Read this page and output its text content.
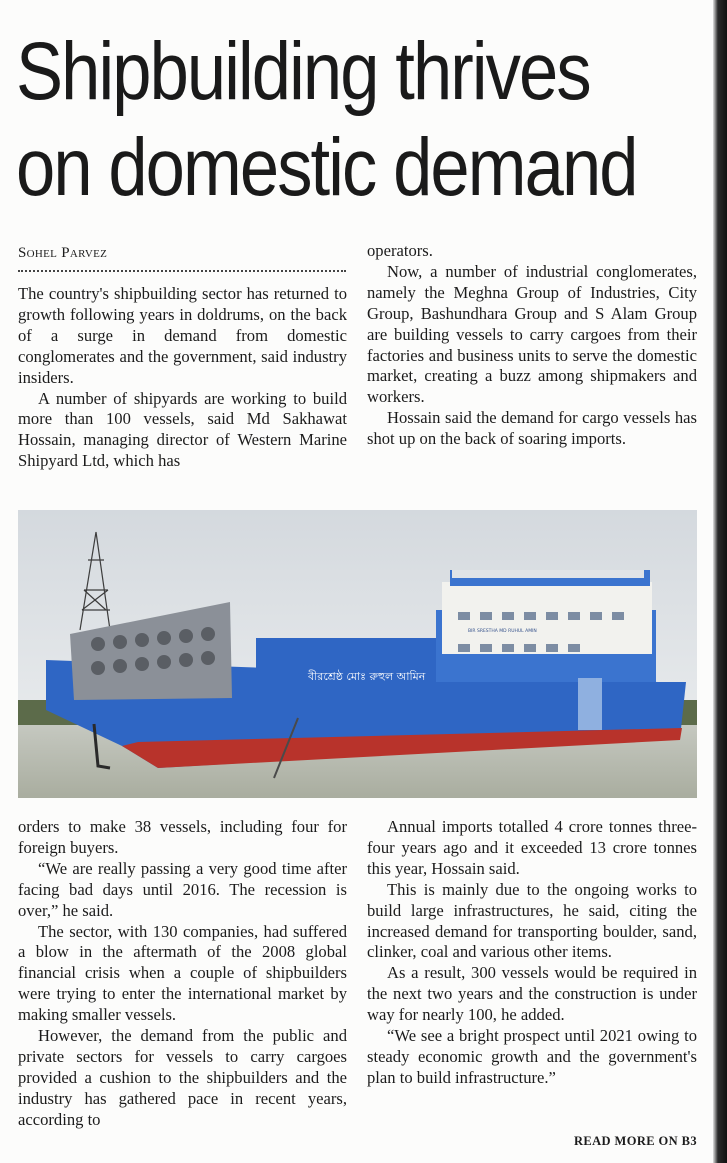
Shipbuilding thrives
on domestic demand
SOHEL PARVEZ

The country's shipbuilding sector has returned to growth following years in doldrums, on the back of a surge in demand from domestic conglomerates and the government, said industry insiders.

A number of shipyards are working to build more than 100 vessels, said Md Sakhawat Hossain, managing director of Western Marine Shipyard Ltd, which has

operators.

Now, a number of industrial conglomerates, namely the Meghna Group of Industries, City Group, Bashundhara Group and S Alam Group are building vessels to carry cargoes from their factories and business units to serve the domestic market, creating a buzz among shipmakers and workers.

Hossain said the demand for cargo vessels has shot up on the back of soaring imports.

বীরশ্রেষ্ঠ মোঃ রুহুল আমিন
BIR SRESTHA MD RUHUL AMIN

orders to make 38 vessels, including four for foreign buyers.

“We are really passing a very good time after facing bad days until 2016. The recession is over,” he said.

The sector, with 130 companies, had suffered a blow in the aftermath of the 2008 global financial crisis when a couple of shipbuilders were trying to enter the international market by making smaller vessels.

However, the demand from the public and private sectors for vessels to carry cargoes provided a cushion to the shipbuilders and the industry has gathered pace in recent years, according to

Annual imports totalled 4 crore tonnes three-four years ago and it exceeded 13 crore tonnes this year, Hossain said.

This is mainly due to the ongoing works to build large infrastructures, he said, citing the increased demand for transporting boulder, sand, clinker, coal and various other items.

As a result, 300 vessels would be required in the next two years and the construction is under way for nearly 100, he added.

“We see a bright prospect until 2021 owing to steady economic growth and the government's plan to build infrastructure.”

READ MORE ON B3
